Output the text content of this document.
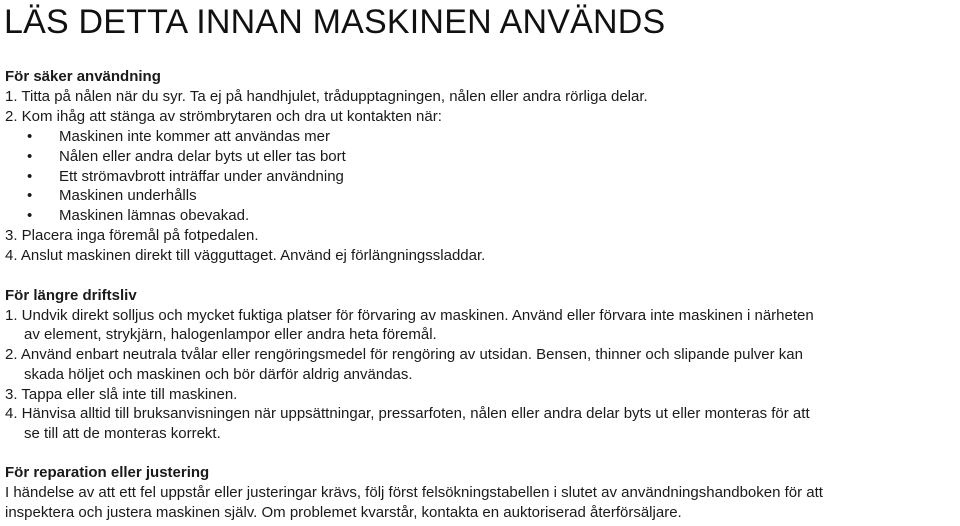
LÄS DETTA INNAN MASKINEN ANVÄNDS
För säker användning
1. Titta på nålen när du syr. Ta ej på handhjulet, trådupptagningen, nålen eller andra rörliga delar.
2. Kom ihåg att stänga av strömbrytaren och dra ut kontakten när:
• Maskinen inte kommer att användas mer
• Nålen eller andra delar byts ut eller tas bort
• Ett strömavbrott inträffar under användning
• Maskinen underhålls
• Maskinen lämnas obevakad.
3. Placera inga föremål på fotpedalen.
4. Anslut maskinen direkt till vägguttaget. Använd ej förlängningssladdar.
För längre driftsliv
1. Undvik direkt solljus och mycket fuktiga platser för förvaring av maskinen. Använd eller förvara inte maskinen i närheten
av element, strykjärn, halogenlampor eller andra heta föremål.
2. Använd enbart neutrala tvålar eller rengöringsmedel för rengöring av utsidan. Bensen, thinner och slipande pulver kan
skada höljet och maskinen och bör därför aldrig användas.
3. Tappa eller slå inte till maskinen.
4. Hänvisa alltid till bruksanvisningen när uppsättningar, pressarfoten, nålen eller andra delar byts ut eller monteras för att
se till att de monteras korrekt.
För reparation eller justering
I händelse av att ett fel uppstår eller justeringar krävs, följ först felsökningstabellen i slutet av användningshandboken för att
inspektera och justera maskinen själv. Om problemet kvarstår, kontakta en auktoriserad återförsäljare.
